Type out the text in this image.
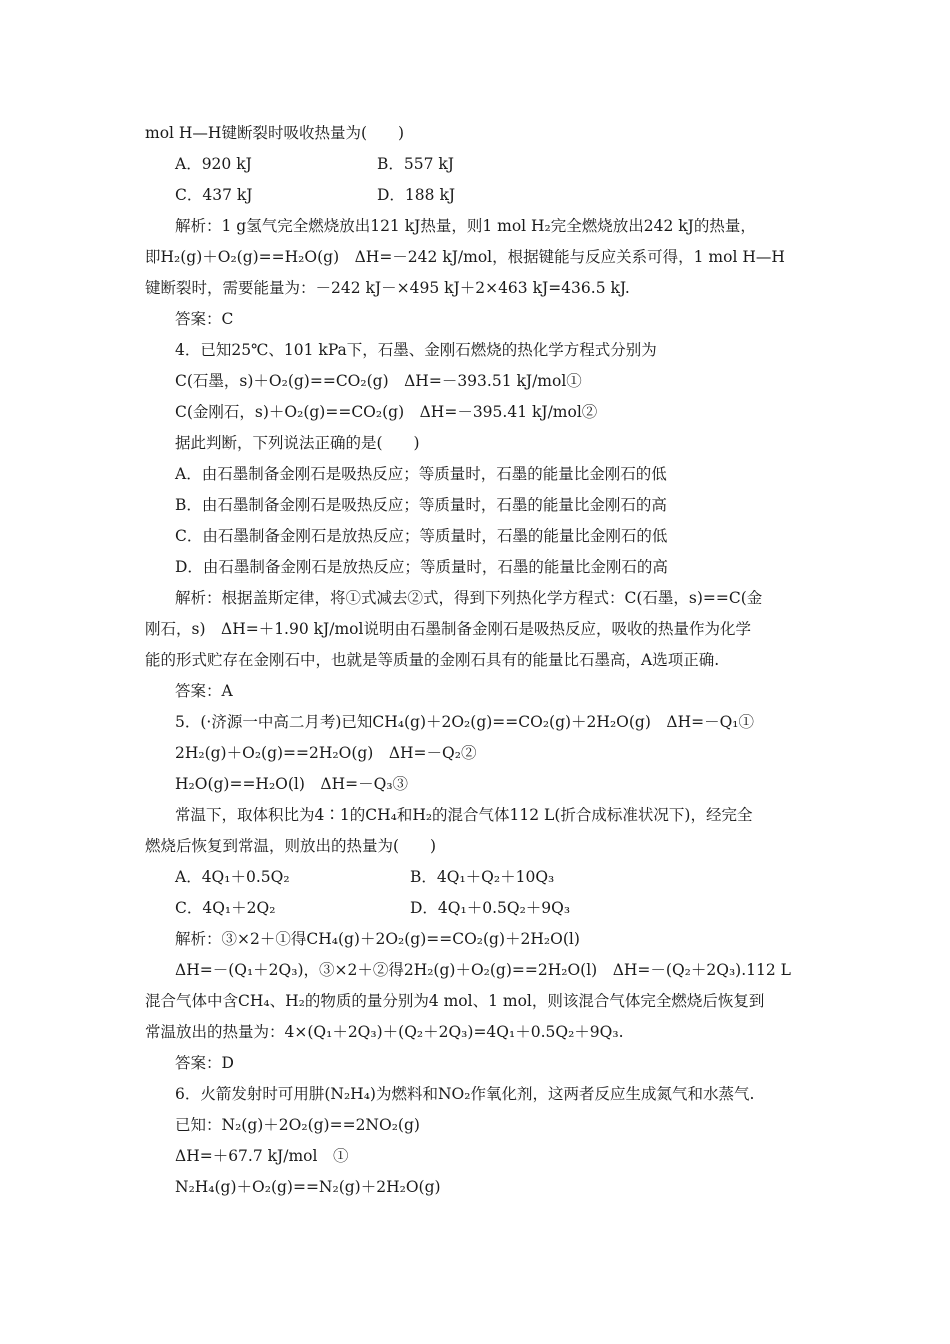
mol H—H键断裂时吸收热量为(　　)
A．920 kJ	B．557 kJ
C．437 kJ	D．188 kJ
解析：1 g氢气完全燃烧放出121 kJ热量，则1 mol H₂完全燃烧放出242 kJ的热量，
即H₂(g)＋O₂(g)==H₂O(g)　ΔH=－242 kJ/mol，根据键能与反应关系可得，1 mol H—H
键断裂时，需要能量为：－242 kJ－×495 kJ＋2×463 kJ=436.5 kJ.
答案：C
4．已知25℃、101 kPa下，石墨、金刚石燃烧的热化学方程式分别为
C(石墨，s)＋O₂(g)==CO₂(g)　ΔH=－393.51 kJ/mol①
C(金刚石，s)＋O₂(g)==CO₂(g)　ΔH=－395.41 kJ/mol②
据此判断，下列说法正确的是(　　)
A．由石墨制备金刚石是吸热反应；等质量时，石墨的能量比金刚石的低
B．由石墨制备金刚石是吸热反应；等质量时，石墨的能量比金刚石的高
C．由石墨制备金刚石是放热反应；等质量时，石墨的能量比金刚石的低
D．由石墨制备金刚石是放热反应；等质量时，石墨的能量比金刚石的高
解析：根据盖斯定律，将①式减去②式，得到下列热化学方程式：C(石墨，s)==C(金
刚石，s)　ΔH=＋1.90 kJ/mol说明由石墨制备金刚石是吸热反应，吸收的热量作为化学
能的形式贮存在金刚石中，也就是等质量的金刚石具有的能量比石墨高，A选项正确.
答案：A
5．(·济源一中高二月考)已知CH₄(g)＋2O₂(g)==CO₂(g)＋2H₂O(g)　ΔH=－Q₁①
2H₂(g)＋O₂(g)==2H₂O(g)　ΔH=－Q₂②
H₂O(g)==H₂O(l)　ΔH=－Q₃③
常温下，取体积比为4∶1的CH₄和H₂的混合气体112 L(折合成标准状况下)，经完全
燃烧后恢复到常温，则放出的热量为(　　)
A．4Q₁＋0.5Q₂	B．4Q₁＋Q₂＋10Q₃
C．4Q₁＋2Q₂	D．4Q₁＋0.5Q₂＋9Q₃
解析：③×2＋①得CH₄(g)＋2O₂(g)==CO₂(g)＋2H₂O(l)
ΔH=－(Q₁＋2Q₃)，③×2＋②得2H₂(g)＋O₂(g)==2H₂O(l)　ΔH=－(Q₂＋2Q₃).112 L
混合气体中含CH₄、H₂的物质的量分别为4 mol、1 mol，则该混合气体完全燃烧后恢复到
常温放出的热量为：4×(Q₁＋2Q₃)＋(Q₂＋2Q₃)=4Q₁＋0.5Q₂＋9Q₃.
答案：D
6．火箭发射时可用肼(N₂H₄)为燃料和NO₂作氧化剂，这两者反应生成氮气和水蒸气.
已知：N₂(g)＋2O₂(g)==2NO₂(g)
ΔH=＋67.7 kJ/mol　①
N₂H₄(g)＋O₂(g)==N₂(g)＋2H₂O(g)
